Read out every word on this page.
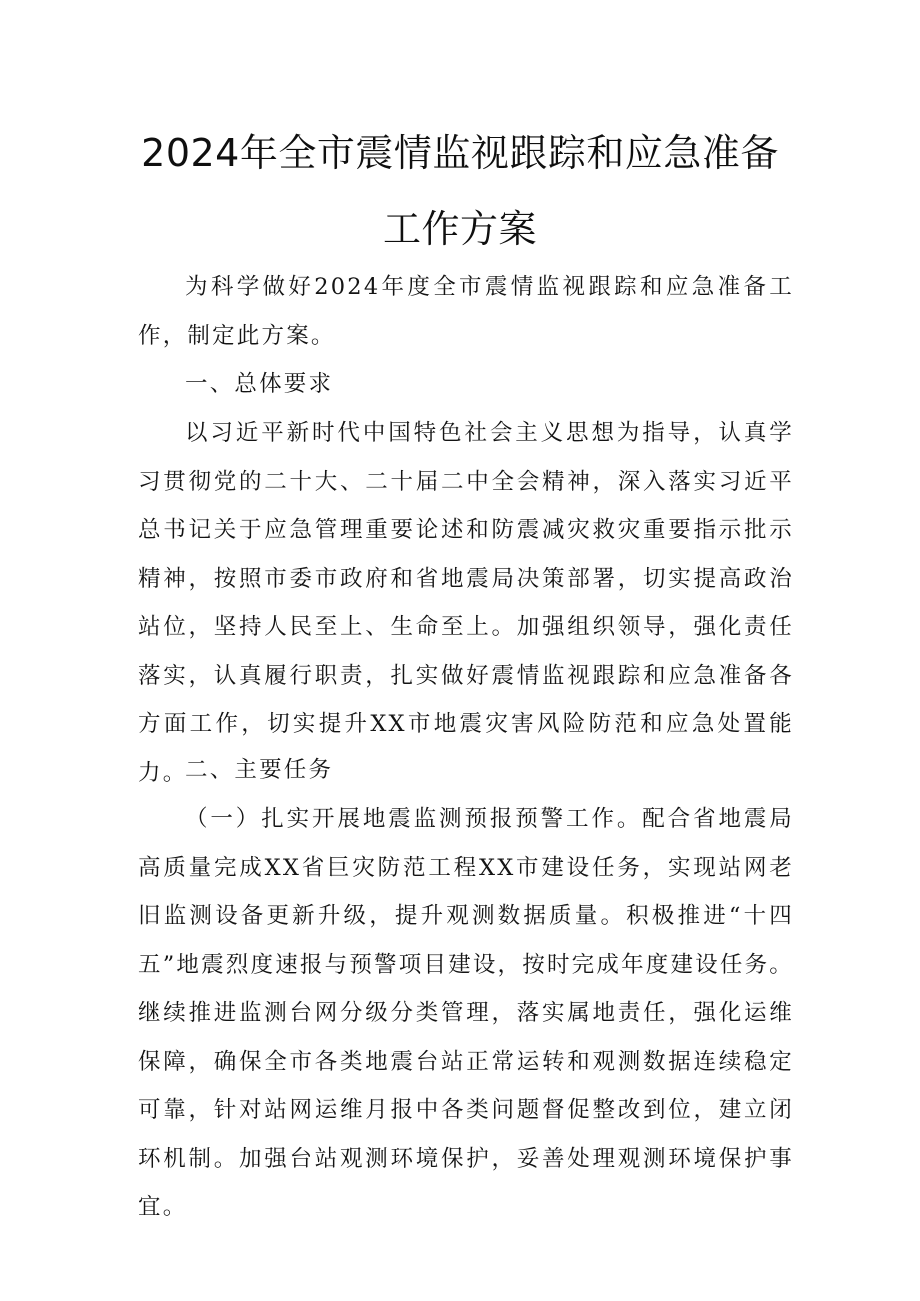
2024年全市震情监视跟踪和应急准备
工作方案

为科学做好2024年度全市震情监视跟踪和应急准备工作，制定此方案。

一、总体要求

以习近平新时代中国特色社会主义思想为指导，认真学习贯彻党的二十大、二十届二中全会精神，深入落实习近平总书记关于应急管理重要论述和防震减灾救灾重要指示批示精神，按照市委市政府和省地震局决策部署，切实提高政治站位，坚持人民至上、生命至上。加强组织领导，强化责任落实，认真履行职责，扎实做好震情监视跟踪和应急准备各方面工作，切实提升XX市地震灾害风险防范和应急处置能力。

二、主要任务

（一）扎实开展地震监测预报预警工作。配合省地震局高质量完成XX省巨灾防范工程XX市建设任务，实现站网老旧监测设备更新升级，提升观测数据质量。积极推进“十四五”地震烈度速报与预警项目建设，按时完成年度建设任务。继续推进监测台网分级分类管理，落实属地责任，强化运维保障，确保全市各类地震台站正常运转和观测数据连续稳定可靠，针对站网运维月报中各类问题督促整改到位，建立闭环机制。加强台站观测环境保护，妥善处理观测环境保护事宜。
